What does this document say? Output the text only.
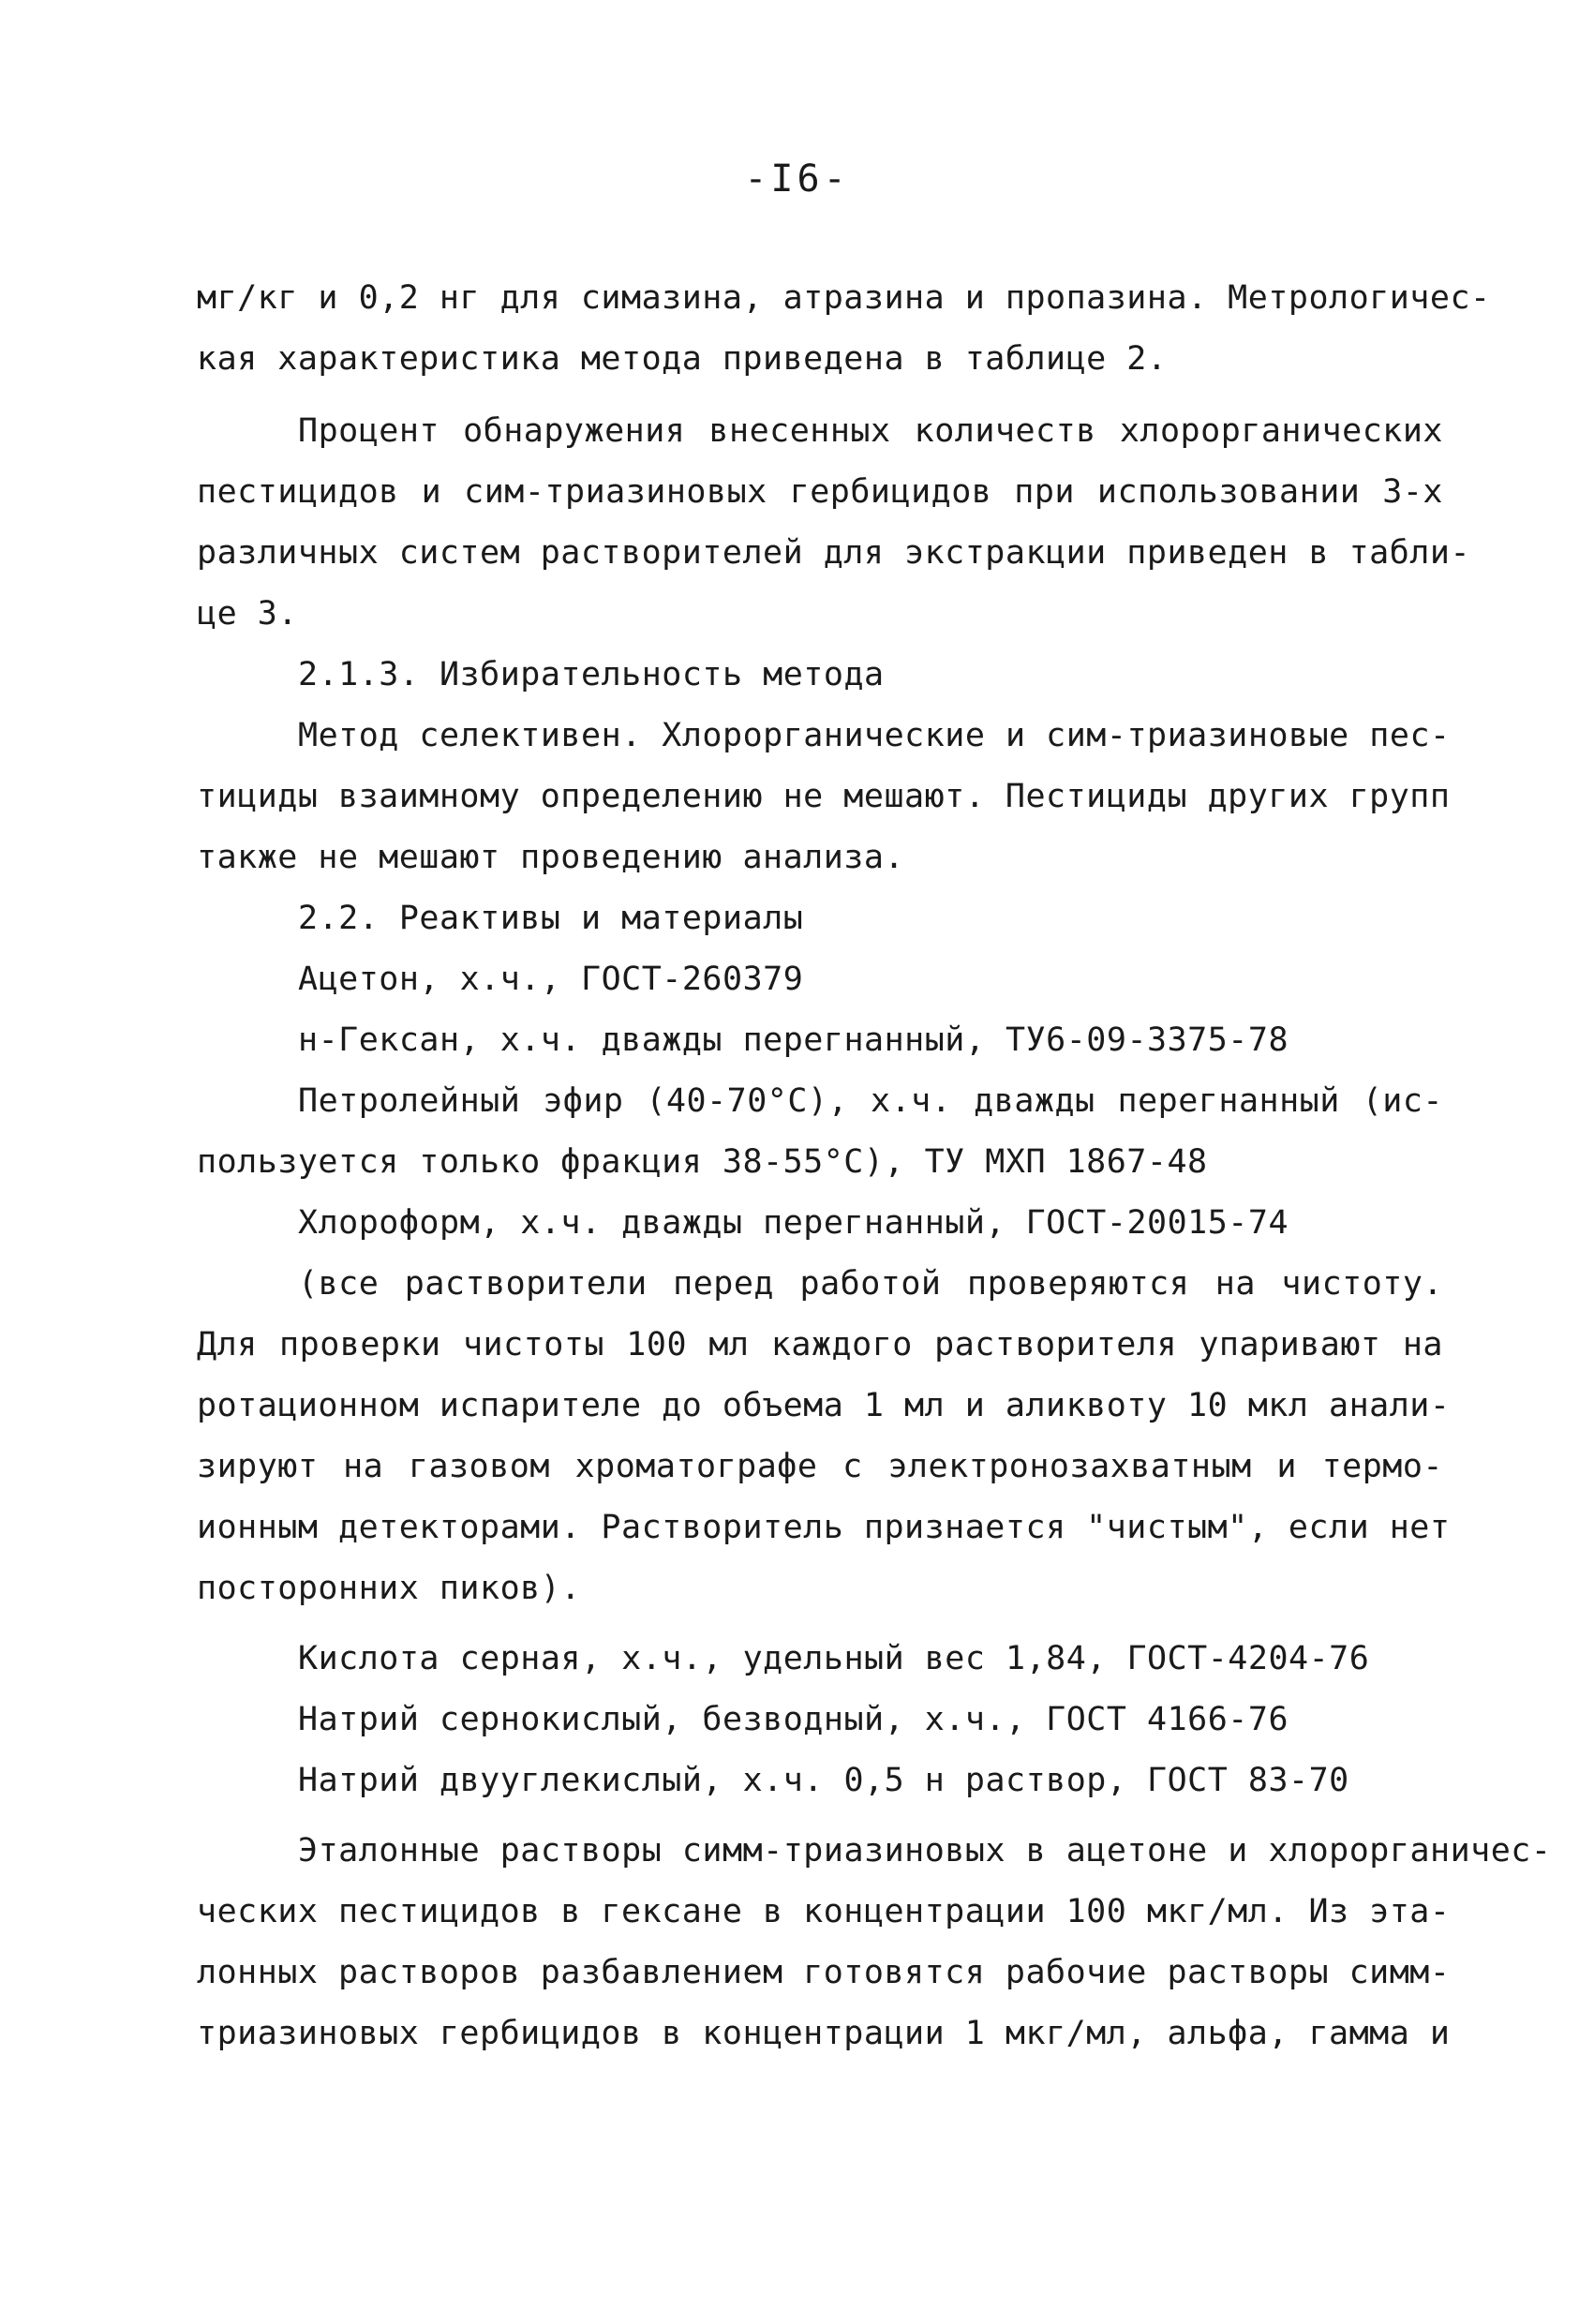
-I6-
мг/кг и 0,2 нг для симазина, атразина и пропазина. Метрологичес-
кая характеристика метода приведена в таблице 2.
Процент обнаружения внесенных количеств хлорорганических
пестицидов и сим-триазиновых гербицидов при использовании 3-х
различных систем растворителей для экстракции приведен в табли-
це 3.
2.1.3. Избирательность метода
Метод селективен. Хлорорганические и сим-триазиновые пес-
тициды взаимному определению не мешают. Пестициды других групп
также не мешают проведению анализа.
2.2. Реактивы и материалы
Ацетон, х.ч., ГОСТ-260379
н-Гексан, х.ч. дважды перегнанный, ТУ6-09-3375-78
Петролейный эфир (40-70°С), х.ч. дважды перегнанный (ис-
пользуется только фракция 38-55°С), ТУ МХП 1867-48
Хлороформ, х.ч. дважды перегнанный, ГОСТ-20015-74
(все растворители перед работой проверяются на чистоту.
Для проверки чистоты 100 мл каждого растворителя упаривают на
ротационном испарителе до объема 1 мл и аликвоту 10 мкл анали-
зируют на газовом хроматографе с электронозахватным и термо-
ионным детекторами. Растворитель признается "чистым", если нет
посторонних пиков).
Кислота серная, х.ч., удельный вес 1,84, ГОСТ-4204-76
Натрий сернокислый, безводный, х.ч., ГОСТ 4166-76
Натрий двууглекислый, х.ч. 0,5 н раствор, ГОСТ 83-70
Эталонные растворы симм-триазиновых в ацетоне и хлорорганичес-
ческих пестицидов в гексане в концентрации 100 мкг/мл. Из эта-
лонных растворов разбавлением готовятся рабочие растворы симм-
триазиновых гербицидов в концентрации 1 мкг/мл, альфа, гамма и
